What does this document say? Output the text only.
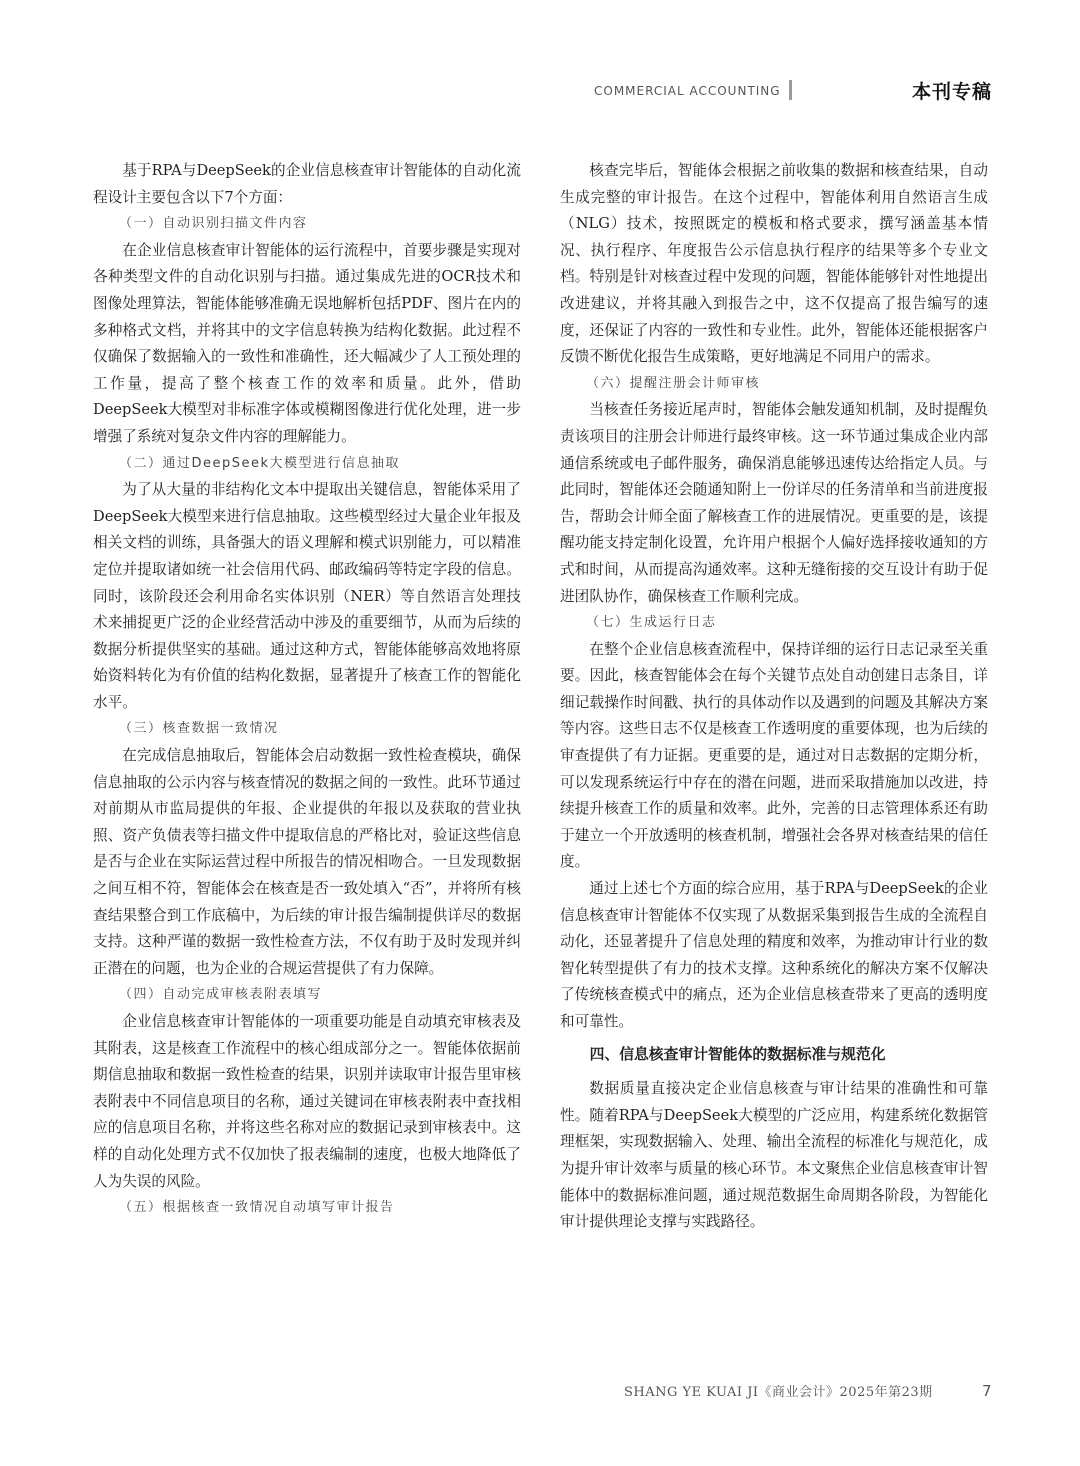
COMMERCIAL ACCOUNTING	本刊专稿

基于RPA与DeepSeek的企业信息核查审计智能体的自动化流程设计主要包含以下7个方面：

（一）自动识别扫描文件内容

在企业信息核查审计智能体的运行流程中，首要步骤是实现对各种类型文件的自动化识别与扫描。通过集成先进的OCR技术和图像处理算法，智能体能够准确无误地解析包括PDF、图片在内的多种格式文档，并将其中的文字信息转换为结构化数据。此过程不仅确保了数据输入的一致性和准确性，还大幅减少了人工预处理的工作量，提高了整个核查工作的效率和质量。此外，借助DeepSeek大模型对非标准字体或模糊图像进行优化处理，进一步增强了系统对复杂文件内容的理解能力。

（二）通过DeepSeek大模型进行信息抽取

为了从大量的非结构化文本中提取出关键信息，智能体采用了DeepSeek大模型来进行信息抽取。这些模型经过大量企业年报及相关文档的训练，具备强大的语义理解和模式识别能力，可以精准定位并提取诸如统一社会信用代码、邮政编码等特定字段的信息。同时，该阶段还会利用命名实体识别（NER）等自然语言处理技术来捕捉更广泛的企业经营活动中涉及的重要细节，从而为后续的数据分析提供坚实的基础。通过这种方式，智能体能够高效地将原始资料转化为有价值的结构化数据，显著提升了核查工作的智能化水平。

（三）核查数据一致情况

在完成信息抽取后，智能体会启动数据一致性检查模块，确保信息抽取的公示内容与核查情况的数据之间的一致性。此环节通过对前期从市监局提供的年报、企业提供的年报以及获取的营业执照、资产负债表等扫描文件中提取信息的严格比对，验证这些信息是否与企业在实际运营过程中所报告的情况相吻合。一旦发现数据之间互相不符，智能体会在核查是否一致处填入“否”，并将所有核查结果整合到工作底稿中，为后续的审计报告编制提供详尽的数据支持。这种严谨的数据一致性检查方法，不仅有助于及时发现并纠正潜在的问题，也为企业的合规运营提供了有力保障。

（四）自动完成审核表附表填写

企业信息核查审计智能体的一项重要功能是自动填充审核表及其附表，这是核查工作流程中的核心组成部分之一。智能体依据前期信息抽取和数据一致性检查的结果，识别并读取审计报告里审核表附表中不同信息项目的名称，通过关键词在审核表附表中查找相应的信息项目名称，并将这些名称对应的数据记录到审核表中。这样的自动化处理方式不仅加快了报表编制的速度，也极大地降低了人为失误的风险。

（五）根据核查一致情况自动填写审计报告

核查完毕后，智能体会根据之前收集的数据和核查结果，自动生成完整的审计报告。在这个过程中，智能体利用自然语言生成（NLG）技术，按照既定的模板和格式要求，撰写涵盖基本情况、执行程序、年度报告公示信息执行程序的结果等多个专业文档。特别是针对核查过程中发现的问题，智能体能够针对性地提出改进建议，并将其融入到报告之中，这不仅提高了报告编写的速度，还保证了内容的一致性和专业性。此外，智能体还能根据客户反馈不断优化报告生成策略，更好地满足不同用户的需求。

（六）提醒注册会计师审核

当核查任务接近尾声时，智能体会触发通知机制，及时提醒负责该项目的注册会计师进行最终审核。这一环节通过集成企业内部通信系统或电子邮件服务，确保消息能够迅速传达给指定人员。与此同时，智能体还会随通知附上一份详尽的任务清单和当前进度报告，帮助会计师全面了解核查工作的进展情况。更重要的是，该提醒功能支持定制化设置，允许用户根据个人偏好选择接收通知的方式和时间，从而提高沟通效率。这种无缝衔接的交互设计有助于促进团队协作，确保核查工作顺利完成。

（七）生成运行日志

在整个企业信息核查流程中，保持详细的运行日志记录至关重要。因此，核查智能体会在每个关键节点处自动创建日志条目，详细记载操作时间戳、执行的具体动作以及遇到的问题及其解决方案等内容。这些日志不仅是核查工作透明度的重要体现，也为后续的审查提供了有力证据。更重要的是，通过对日志数据的定期分析，可以发现系统运行中存在的潜在问题，进而采取措施加以改进，持续提升核查工作的质量和效率。此外，完善的日志管理体系还有助于建立一个开放透明的核查机制，增强社会各界对核查结果的信任度。

通过上述七个方面的综合应用，基于RPA与DeepSeek的企业信息核查审计智能体不仅实现了从数据采集到报告生成的全流程自动化，还显著提升了信息处理的精度和效率，为推动审计行业的数智化转型提供了有力的技术支撑。这种系统化的解决方案不仅解决了传统核查模式中的痛点，还为企业信息核查带来了更高的透明度和可靠性。

四、信息核查审计智能体的数据标准与规范化

数据质量直接决定企业信息核查与审计结果的准确性和可靠性。随着RPA与DeepSeek大模型的广泛应用，构建系统化数据管理框架，实现数据输入、处理、输出全流程的标准化与规范化，成为提升审计效率与质量的核心环节。本文聚焦企业信息核查审计智能体中的数据标准问题，通过规范数据生命周期各阶段，为智能化审计提供理论支撑与实践路径。

SHANG YE KUAI JI《商业会计》2025年第23期	7
